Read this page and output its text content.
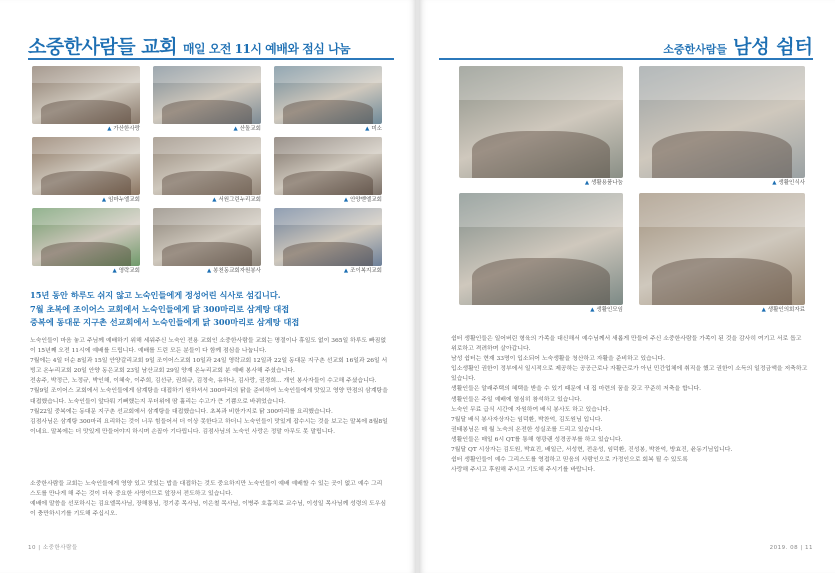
소중한사람들 교회 매일 오전 11시 예배와 점심 나눔
▲ 가산한사랑	▲ 산돌교회	▲ 미소
▲ 임마누엘교회	▲ 서원그린누리교회	▲ 안양벧엘교회
▲ 영락교회	▲ 봉천동교회자원봉사	▲ 조이복지교회
15년 동안 하루도 쉬지 않고 노숙인들에게 정성어린 식사로 섬깁니다.
7월 초복에 조이어스 교회에서 노숙인들에게 닭 300마리로 삼계탕 대접
중복에 동대문 지구촌 선교회에서 노숙인들에게 닭 300마리로 삼계탕 대접

노숙인들이 마음 놓고 주님께 예배하기 위해 세워주신 노숙인 전용 교회인 소중한사람들 교회는 명절이나 휴일도 없이 365일 하루도 빠짐없이 15년째 오전 11시에 예배를 드립니다. 예배를 드린 모든 분들이 다 함께 점심을 나눕니다.

7월에는 4일 더순 8일과 15일 안양갈리교회 9일 조이어스교회 10일과 24일 영락교회 12일과 22일 동대문 지구촌 선교회 16일과 26일 서빙고 온누리교회 20일 안양 동은교회 23일 남산교회 29일 양재 온누리교회 분 예배 봉사해 주셨습니다.

전송주, 박정근, 노정규, 박인해, 이혜숙, 이주희, 김선규, 권희규, 김정숙, 유하나, 김사랑, 권경희... 개인 봉사자들이 수고해 주셨습니다.

7월9일 조이어스 교회에서 노숙인들에게 삼계탕을 대접하기 원하셔서 300마리의 닭을 준비하여 노숙인들에게 맛있고 영양 만점의 삼계탕을 대접했습니다. 노숙인들이 앞다퉈 기뻐했는지 무더위에 땀 흘리는 수고가 큰 기쁨으로 바뀌었습니다.

7월22일 중복에는 동대문 지구촌 선교회에서 삼계탕을 대접했습니다. 초복과 비한가지로 닭 300마리를 요리했습니다.

김점사님은 삼계탕 300마리 요리하는 것이 너무 힘들어서 더 이상 못한다고 하더니 노숙인들이 맛있게 잡수시는 것을 보고는 말복에 8월8일이네요. 말복에는 더 맛있게 만들어야지 하시며 손꼽아 기다립니다. 김점사님의 노숙인 사랑은 정말 아무도 못 말립니다.

소중한사람들 교회는 노숙인들에게 영양 있고 맛있는 밥을 대접하는 것도 중요하지만 노숙인들이 예배 예배할 수 있는 곳이 없고 예수 그리스도를 만나게 해 주는 것이 더욱 중요한 사명이므로 앞장서 전도하고 있습니다.

예배에 말씀을 선포하시는 김요엘목사님, 장해룡님, 정기종 목사님, 이은철 목사님, 이병주 호홉치료 교수님, 이성일 목사님께 성령의 도우심이 충만하시기를 기도해 주십시오.

10 | 소중한사람들
소중한사람들 남성 쉼터
▲ 생활용품나눔	▲ 생활인식사
▲ 생활인모임	▲ 생활인의회자료

쉼터 생활인들은 일어버린 형육의 가족을 대신해서 예수님께서 새롭게 만들어 주신 소중한사람들 가족이 된 것을 감사히 여기고 서로 돕고 위로하고 격려하며 살아갑니다.

남성 쉼터는 현재 33명이 입소되어 노숙생활을 청산하고 자활을 준비하고 있습니다.

입소생활인 권한이 정부에서 일시적으로 제공하는 공공근로나 자활근로가 아닌 민간업체에 취직을 했고 권한이 소득의 일정금액을 저축하고 있습니다.

생활인들은 알래주택의 혜택을 받을 수 있기 때문에 내 집 마련의 꿈을 갖고 꾸준히 저축을 합니다.

생활인들은 주일 예배에 열심히 참석하고 있습니다.

노숙인 무료 급식 시간에 자원하여 배식 봉사도 하고 있습니다.

7월달 배식 봉사자상자는 임덕환, 박찬억, 김도원님 입니다.

권태봉님은 매 월 노숙의 온전한 성실조를 드리고 있습니다.

생활인들은 매일 6시 QT를 통해 형광랜 성경공부를 하고 있습니다.

7월달 QT 시상자는 김도원, 박효진, 배일근, 서성현, 전운성, 임덕환, 진성봉, 박찬억, 방효진, 윤동기님입니다.

쉼터 생활인들이 예수 그리스도를 영접하고 믿음의 사람인으로 가정인으로 회복 될 수 있도록

사랑해 주시고 후원해 주시고 기도해 주시기를 바랍니다.

2019. 08 | 11
